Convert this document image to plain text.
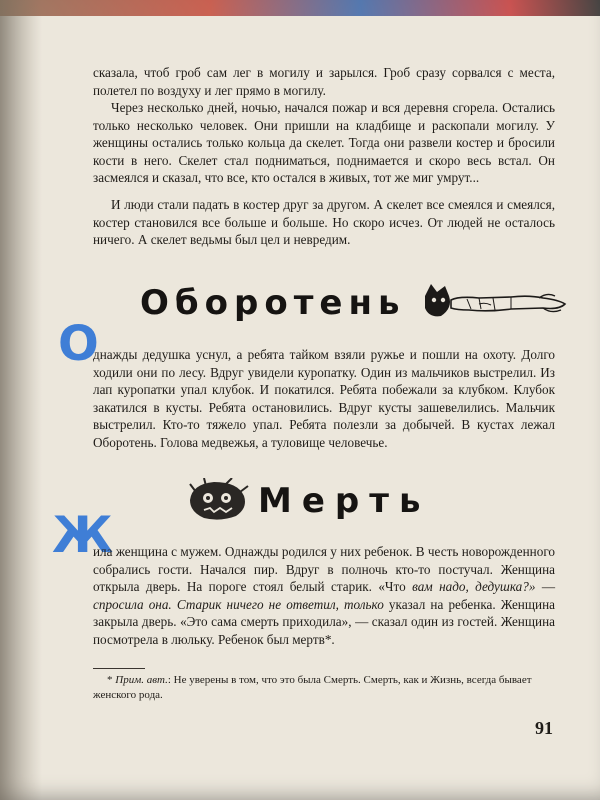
сказала, чтоб гроб сам лег в могилу и зарылся. Гроб сразу сорвался с места, полетел по воздуху и лег прямо в могилу.

Через несколько дней, ночью, начался пожар и вся деревня сгорела. Остались только несколько человек. Они пришли на кладбище и раскопали могилу. У женщины остались только кольца да скелет. Тогда они развели костер и бросили кости в него. Скелет стал подниматься, поднимается и скоро весь встал. Он засмеялся и сказал, что все, кто остался в живых, тот же миг умрут...

И люди стали падать в костер друг за другом. А скелет все смеялся и смеялся, костер становился все больше и больше. Но скоро исчез. От людей не осталось ничего. А скелет ведьмы был цел и невредим.

Оборотень
О

днажды дедушка уснул, а ребята тайком взяли ружье и пошли на охоту. Долго ходили они по лесу. Вдруг увидели куропатку. Один из мальчиков выстрелил. Из лап куропатки упал клубок. И покатился. Ребята побежали за клубком. Клубок закатился в кусты. Ребята остановились. Вдруг кусты зашевелились. Мальчик выстрелил. Кто-то тяжело упал. Ребята полезли за добычей. В кустах лежал Оборотень. Голова медвежья, а туловище человечье.

Мерть
Ж

ила женщина с мужем. Однажды родился у них ребенок. В честь новорожденного собрались гости. Начался пир. Вдруг в полночь кто-то постучал. Женщина открыла дверь. На пороге стоял белый старик. «Что вам надо, дедушка?» — спросила она. Старик ничего не ответил, только указал на ребенка. Женщина закрыла дверь. «Это сама смерть приходила», — сказал один из гостей. Женщина посмотрела в люльку. Ребенок был мертв*.

* Прим. авт.: Не уверены в том, что это была Смерть. Смерть, как и Жизнь, всегда бывает женского рода.

91
